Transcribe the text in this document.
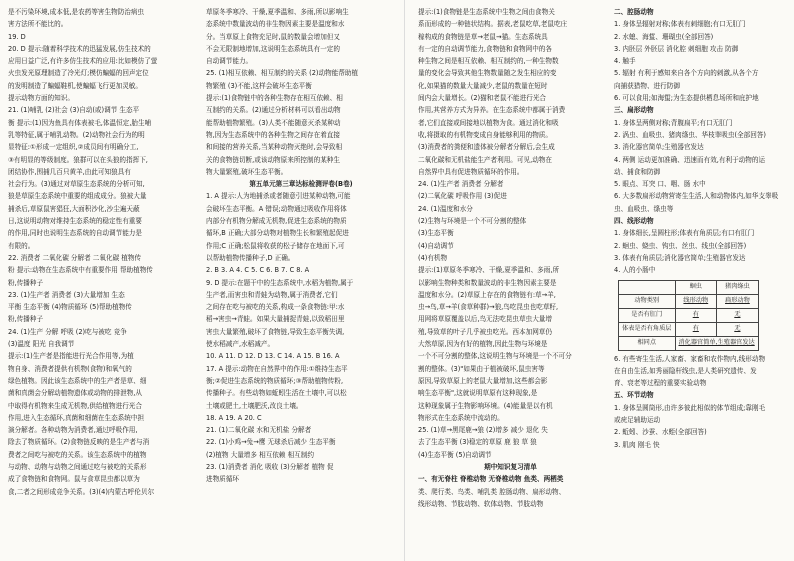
是不污染环境,成本低,是农药等害生物防治病虫

害方法所不能比的。

19. D

20. D 提示:随着科学技术的迅猛发展,仿生技术的

应用日益广泛,有许多仿生技术的应用:比如模仿了萤

火虫发光原理制造了冷光灯;模仿蝙蝠的回声定位

的发明制造了蝙蝠鞋机,使蝙蝠飞行更加灵敏。

提示动物方面的知识。

21. (1)哺乳 (2)社会 (3)自动(或)调节 生态平

衡 提示:(1)因为鱼具有体表被毛,体温恒定,胎生哺

乳等特征,属于哺乳动物。(2)动物社会行为的明

显特征:①形成一定组织,②成员间有明确分工,

③有明显的等级制度。狼群可以在头狼的指挥下,

团结协作,围捕几百只黄羊,由此可知狼具有

社会行为。(3)通过对草原生态系统的分析可知,

狼是草原生态系统中重要的组成成分。狼被大量

捕杀后,草原鼠害猖狂,大面积沙化,沙尘遍天蔽

日,这说明动物对维持生态系统的稳定性有重要

的作用,同时也说明生态系统的自动调节能力是

有限的。

22. 消费者 二氧化碳 分解者 二氧化碳 植物传

粉 提示:动物在生态系统中有重要作用 帮助植物传

粉,传播种子

23. (1)生产者 消费者 (3)大量增加 生态

平衡 生态平衡 (4)物质循环 (5)帮助植物传

粉,传播种子

24. (1)生产 分解 呼吸 (2)吃与被吃 竞争

(3)温度 阳光 自我调节

提示:(1)生产者是指能进行光合作用等,为植

物自身、消费者提供有机物(食物)和氧气的

绿色植物。因此该生态系统中的生产者是草、细

菌和真菌会分解动植物遗体或动物的排泄物,从

中取得有机物来生成无机物,供给植物进行光合

作用,进入生态循环,真菌和细菌在生态系统中担

演分解者。各种动物为消费者,通过呼吸作用,

除去了物质循环。(2)食物链反映的是生产者与消

费者之间吃与被吃的关系。该生态系统中的植物

与动物、动物与动物之间通过吃与被吃的关系形

成了食物链和食物网。鼠与食草昆虫都以草为

食,二者之间形成竞争关系。(3)(4)内蒙古呼伦贝尔

草原冬季寒冷、干燥,夏季温和、多雨,所以影响生

态系统中数量波动的非生物因素主要是温度和水

分。当草原上食物充足时,鼠的数量会增加但又

不会无限制地增加,这说明生态系统具有一定的

自动调节能力。

25. (1)相互依赖、相互制约的关系 (2)动物能帮助植

物繁殖 (3)不能,这样会破坏生态平衡

提示:(1)食物链中的各种生物存在相互依赖、相

互制约的关系。(2)通过分析材料可以看出动物

能帮助植物繁殖。(3)人类不能随意灭杀某种动

物,因为生态系统中的各种生物之间存在着直接

和间接的营养关系,当某种动物灭绝时,会导致相

关的食物链切断,或该动物原来所控制的某种生

物大量繁殖,破坏生态平衡。

第五单元第三章达标检测评卷(B卷)

1. A 提示:人为地捕杀或者随意引进某种动物,可能

会破坏生态平衡。A 错误;动物通过吸收作用将体

内部分有机物分解成无机物,促进生态系统的物质

循环,B 正确;大部分动物对植物生长和繁殖起促进

作用;C 正确;松鼠将收获的松子储存在地面下,可

以帮助植物传播种子,D 正确。

2. B 3. A 4. C 5. C 6. B 7. C 8. A

9. D 提示:在题干中的生态系统中,水稻为植物,属于

生产者,而害虫和青蛙为动物,属于消费者,它们

之间存在吃与被吃的关系,构成一条食物链:甲:水

稻→害虫→青蛙。如果大量捕捉青蛙,以致稻田里

害虫大量繁殖,破坏了食物链,导致生态平衡失调,

使水稻减产,水稻减产。

10. A 11. D 12. D 13. C 14. A 15. B 16. A

17. A 提示:动物在自然界中的作用:①维持生态平

衡;②促进生态系统的物质循环;③帮助植物传粉,

传播种子。有些动物如蚯蚓生活在土壤中,可以松

土壤或肥土,土壤肥沃,改良土壤。

18. A 19. A 20. C

21. (1)二氧化碳 水和无机盐 分解者

22. (1)小鸡→兔→鹰 无球杀后减少 生态平衡

(2)植物 大量增多 相互依赖 相互制约

23. (1)消费者 消化 吸收 (3)分解者 植物 促

进物质循环

提示:(1)食物链是生态系统中生物之间由食物关

系而形成的一种链状结构。据表,老鼠吃草,老鼠吃庄

稼构成的食物链是草→老鼠→猫。生态系统具

有一定的自动调节能力,食物链和食物网中的各

种生物之间是相互依赖、相互制约的,一种生物数

量的变化会导致其他生物数量随之发生相应的变

化,如果猫的数量大量减少,老鼠的数量在短时

间内会大量增长。(2)猫和老鼠不能进行光合

作用,其营养方式为异养。在生态系统中都属于消费

者,它们直接或间接地以植物为食。通过消化和吸

收,将摄取的有机物变成自身能够利用的物质。

(3)消费者的粪便和遗体被分解者分解后,会生成

二氧化碳和无机盐能生产者利用。可见,动物在

自然界中具有促进物质循环的作用。

24. (1)生产者 消费者 分解者

(2)二氧化碳 呼吸作用 (3)促进

24. (1)温度和水分

(2)生物与环境是一个不可分割的整体

(3)生态平衡

(4)自动调节

(4)有机物

提示:(1)草原冬季寒冷、干燥,夏季温和、多雨,所

以影响生物种类和数量波动的非生物因素主要是

温度和水分。(2)草原上存在的食物链有:草→羊,

虫→鸟,草→羊(食草种群)→狼,鸟吃昆虫也吃草籽,

用网将草原覆盖以后,鸟无法吃昆虫草虫大量增

殖,导致草的叶子几乎被虫吃光。西本加网草仍

大然草原,因为有好的植物,因此生物与环境是

一个不可分割的整体,这说明生物与环境是一个不可分

割的整体。(3)"如果由于植被破坏,鼠虫害等

原因,导致草原上的老鼠大量增加,这些都会影

响生态平衡",这就说明草原有这种现象,是

这种现象属于生物影响环境。(4)能量是以有机

物形式在生态系统中流动的。

25. (1)草→黑尾鹿→狼 (2)增多 减少 退化 失

去了生态平衡 (3)稳定的草原 鹿 狼 草 狼

(4)生态平衡 (5)自动调节

期中知识复习清单

一、有无脊柱 脊椎动物 无脊椎动物 鱼类、两栖类

类、爬行类、鸟类、哺乳类 腔肠动物、扁形动物、

线形动物、节肢动物、软体动物、节肢动物

二、腔肠动物

1. 身体呈辐射对称;体表有刺细胞;有口无肛门

2. 水螅、海蜇、珊瑚虫(全部回答)

3. 内胚层 外胚层 消化腔 刺细胞 攻击 防御

4. 触手

5. 辐射 有利于感知来自各个方向的刺激,从各个方

向捕获猎物、进行防御

6. 可以食用;如海蜇;为生态提供栖息场所和庇护地

三、扁形动物

1. 身体呈两侧对称;背腹扁平;有口无肛门

2. 涡虫、血吸虫、猪肉绦虫、华枝睾吸虫(全部回答)

3. 消化器官简单;生殖器官发达

4. 两侧 运动更加准确、迅速而有效,有利于动物的运

动、捕食和防御

5. 眼点、耳突 口、咽、肠 水中

6. 大多数扁形动物营寄生生活,人和动物体内,如华支睾吸

虫、血吸虫、绦虫等

四、线形动物

1. 身体细长,呈圆柱形;体表有角质层;有口有肛门

2. 蛔虫、蛲虫、钩虫、丝虫、线虫(全部回答)

3. 体表有角质层;消化器官简单;生殖器官发达

4. 人的小肠中

	蛔虫	猪肉绦虫
动物类别	线形动物	扁形动物
是否有肛门	有	无
体表是否有角质层	有	无
相同点	消化器官简单,生殖器官发达	

6. 有些寄生生活,人家畜、家畜和农作物内,线形动物

在自由生活,如秀丽隐杆线虫,是人类研究遗传、发

育、衰老等过程的重要实验动物

五、环节动物

1. 身体呈圆筒形,由许多彼此相似的体节组成;靠刚毛

或疣足辅助运动

2. 蚯蚓、沙蚕、水蛭(全部回答)

3. 肌肉 刚毛 快
